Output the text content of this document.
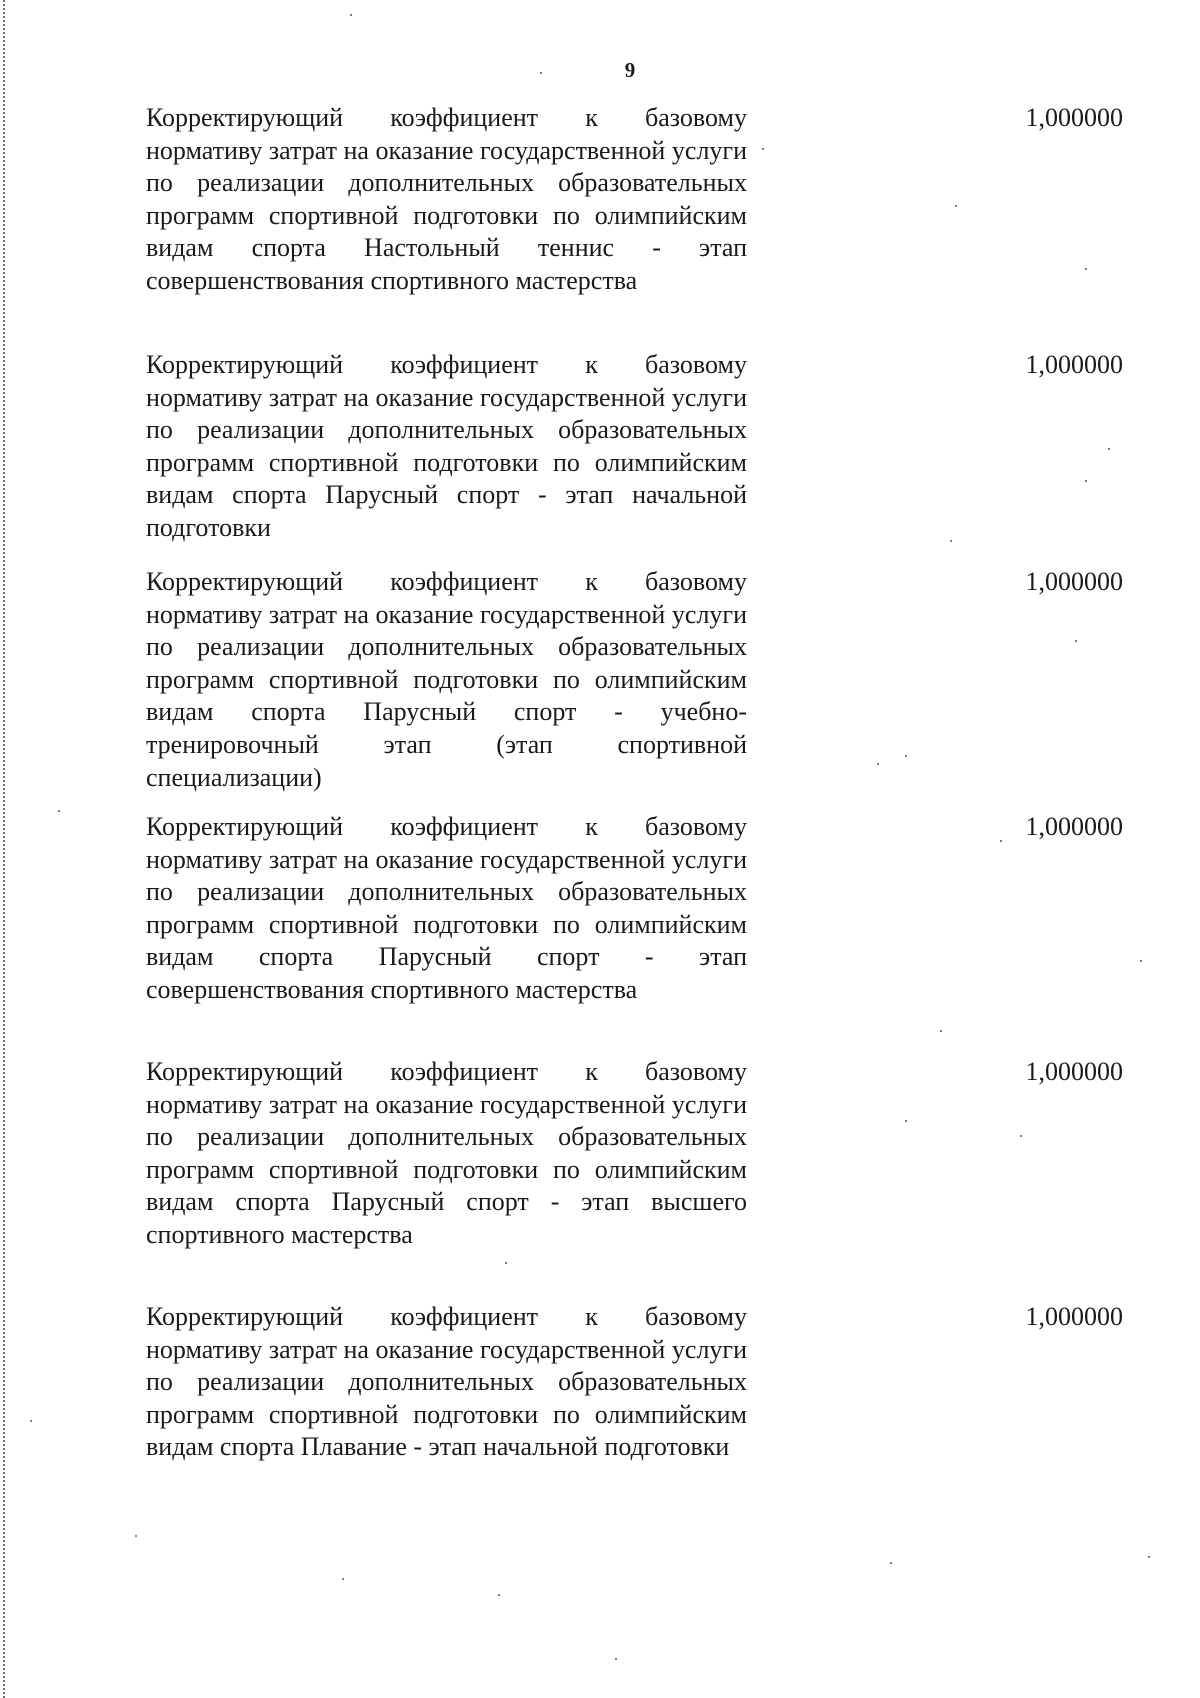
9
Корректирующий коэффициент к базовому нормативу затрат на оказание государственной услуги по реализации дополнительных образовательных программ спортивной подготовки по олимпийским видам спорта Настольный теннис - этап совершенствования спортивного мастерства
1,000000
Корректирующий коэффициент к базовому нормативу затрат на оказание государственной услуги по реализации дополнительных образовательных программ спортивной подготовки по олимпийским видам спорта Парусный спорт - этап начальной подготовки
1,000000
Корректирующий коэффициент к базовому нормативу затрат на оказание государственной услуги по реализации дополнительных образовательных программ спортивной подготовки по олимпийским видам спорта Парусный спорт - учебно-тренировочный этап (этап спортивной специализации)
1,000000
Корректирующий коэффициент к базовому нормативу затрат на оказание государственной услуги по реализации дополнительных образовательных программ спортивной подготовки по олимпийским видам спорта Парусный спорт - этап совершенствования спортивного мастерства
1,000000
Корректирующий коэффициент к базовому нормативу затрат на оказание государственной услуги по реализации дополнительных образовательных программ спортивной подготовки по олимпийским видам спорта Парусный спорт - этап высшего спортивного мастерства
1,000000
Корректирующий коэффициент к базовому нормативу затрат на оказание государственной услуги по реализации дополнительных образовательных программ спортивной подготовки по олимпийским видам спорта Плавание - этап начальной подготовки
1,000000
